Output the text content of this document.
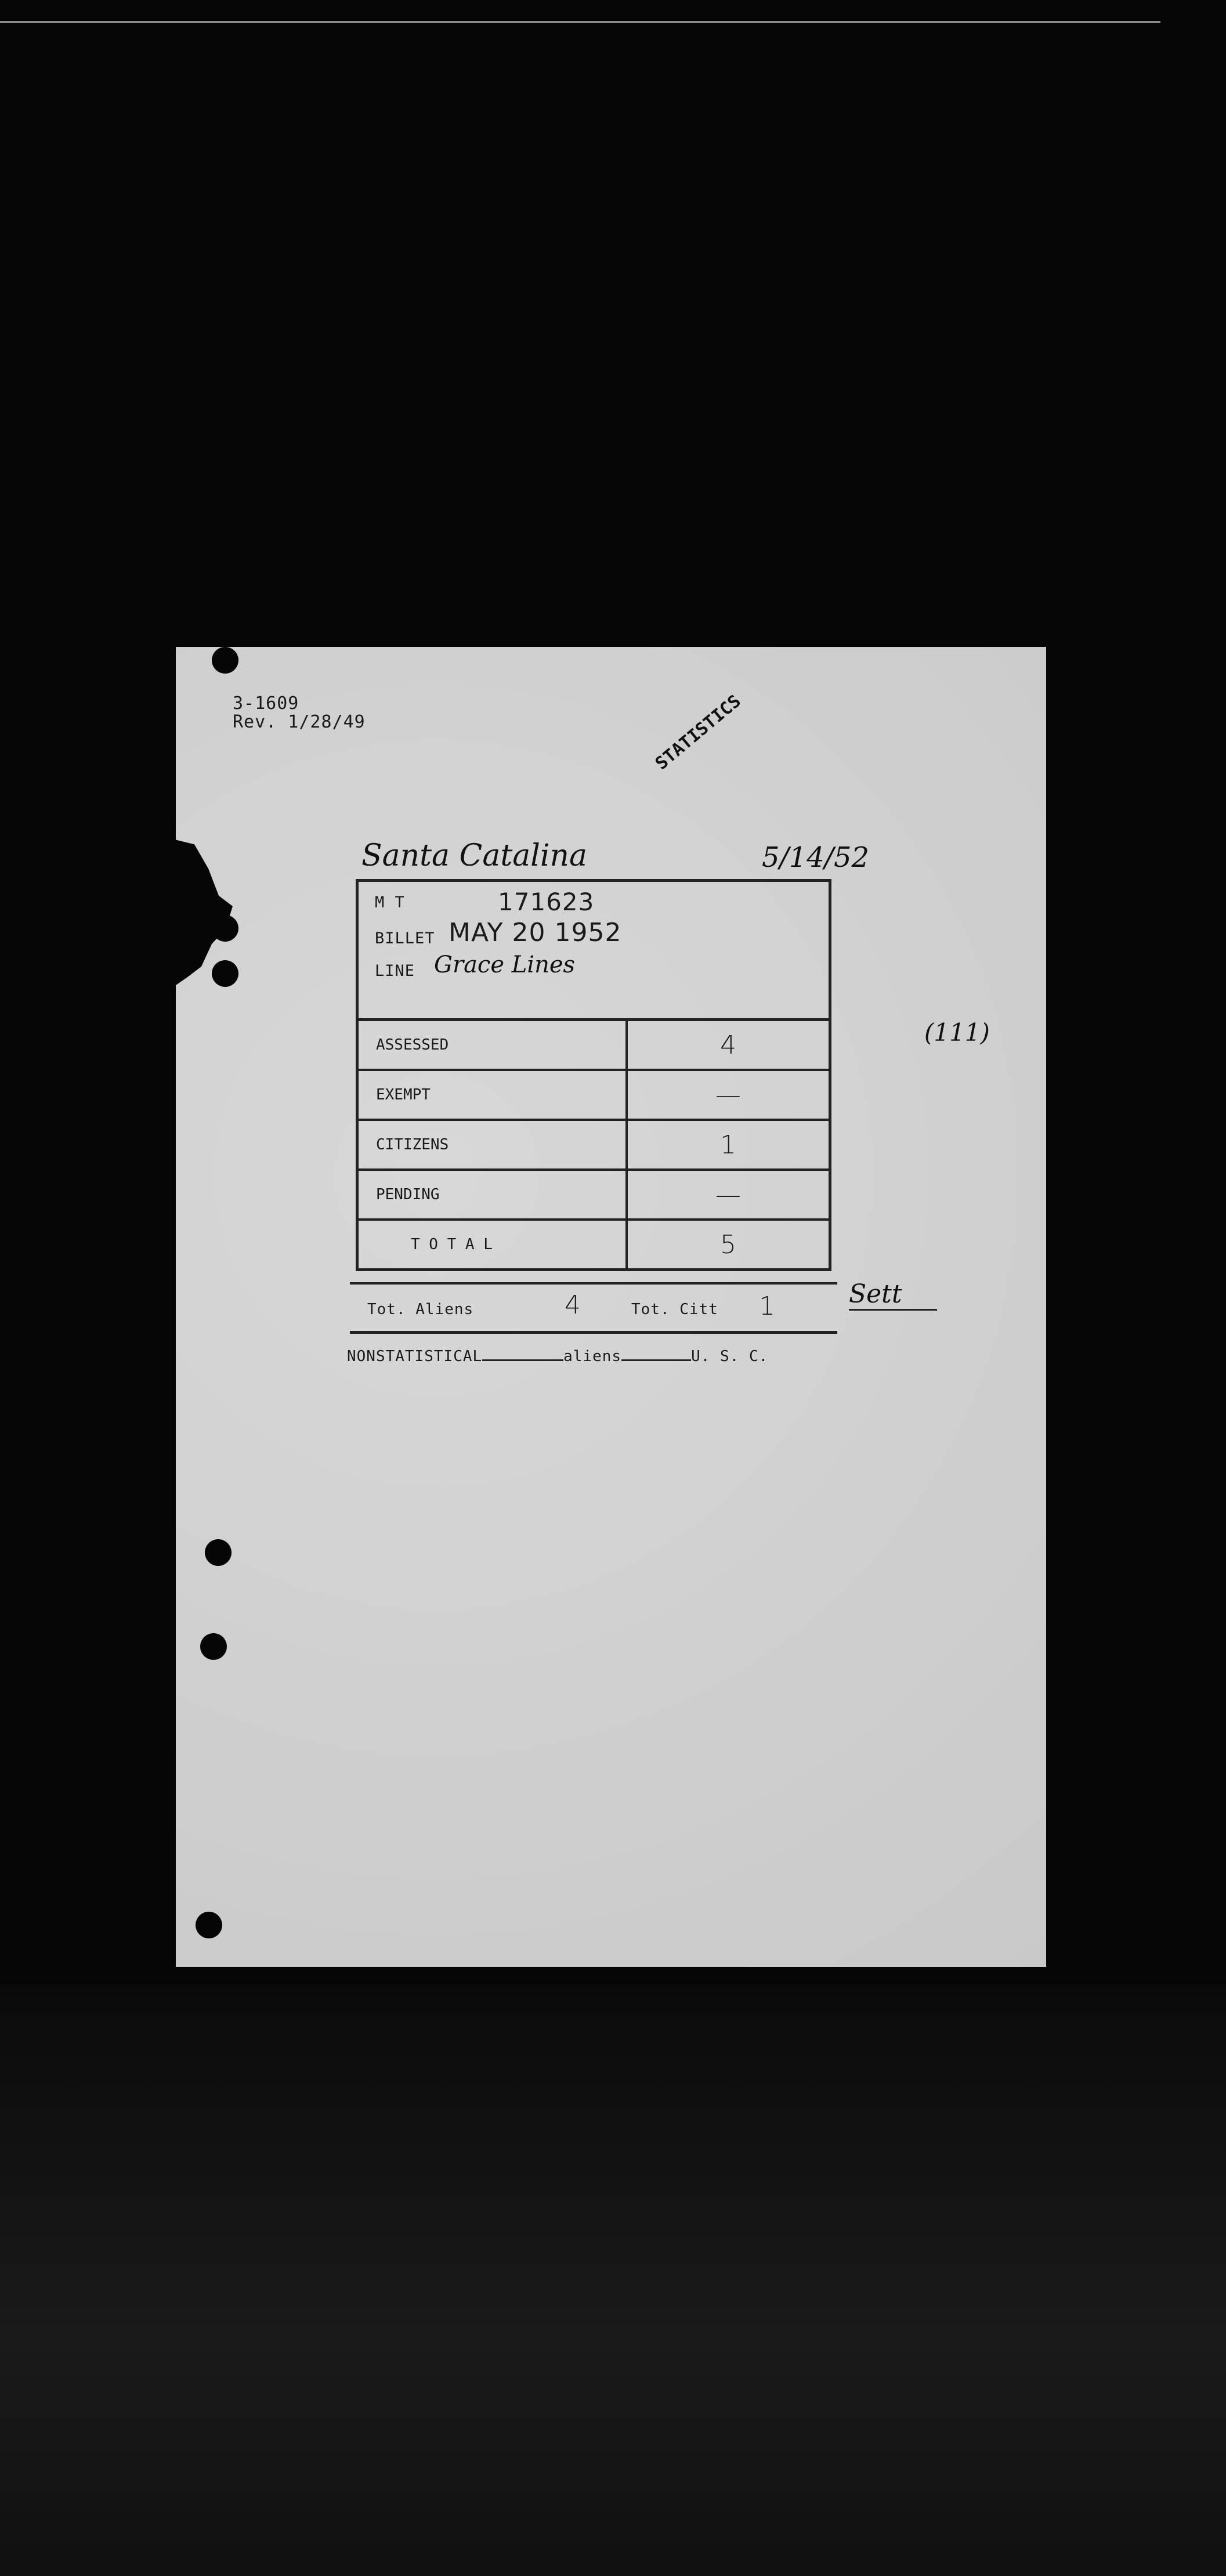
3-1609
Rev. 1/28/49	STATISTICS
Santa Catalina	5/14/52
(111)
Sett
M T	171623
BILLET MAY 20 1952
LINE Grace Lines
ASSESSED	4
EXEMPT	—
CITIZENS	1
PENDING	—
T O T A L	5
Tot. Aliens	4	Tot. Citt 1
NONSTATISTICAL	aliens	U. S. C.
